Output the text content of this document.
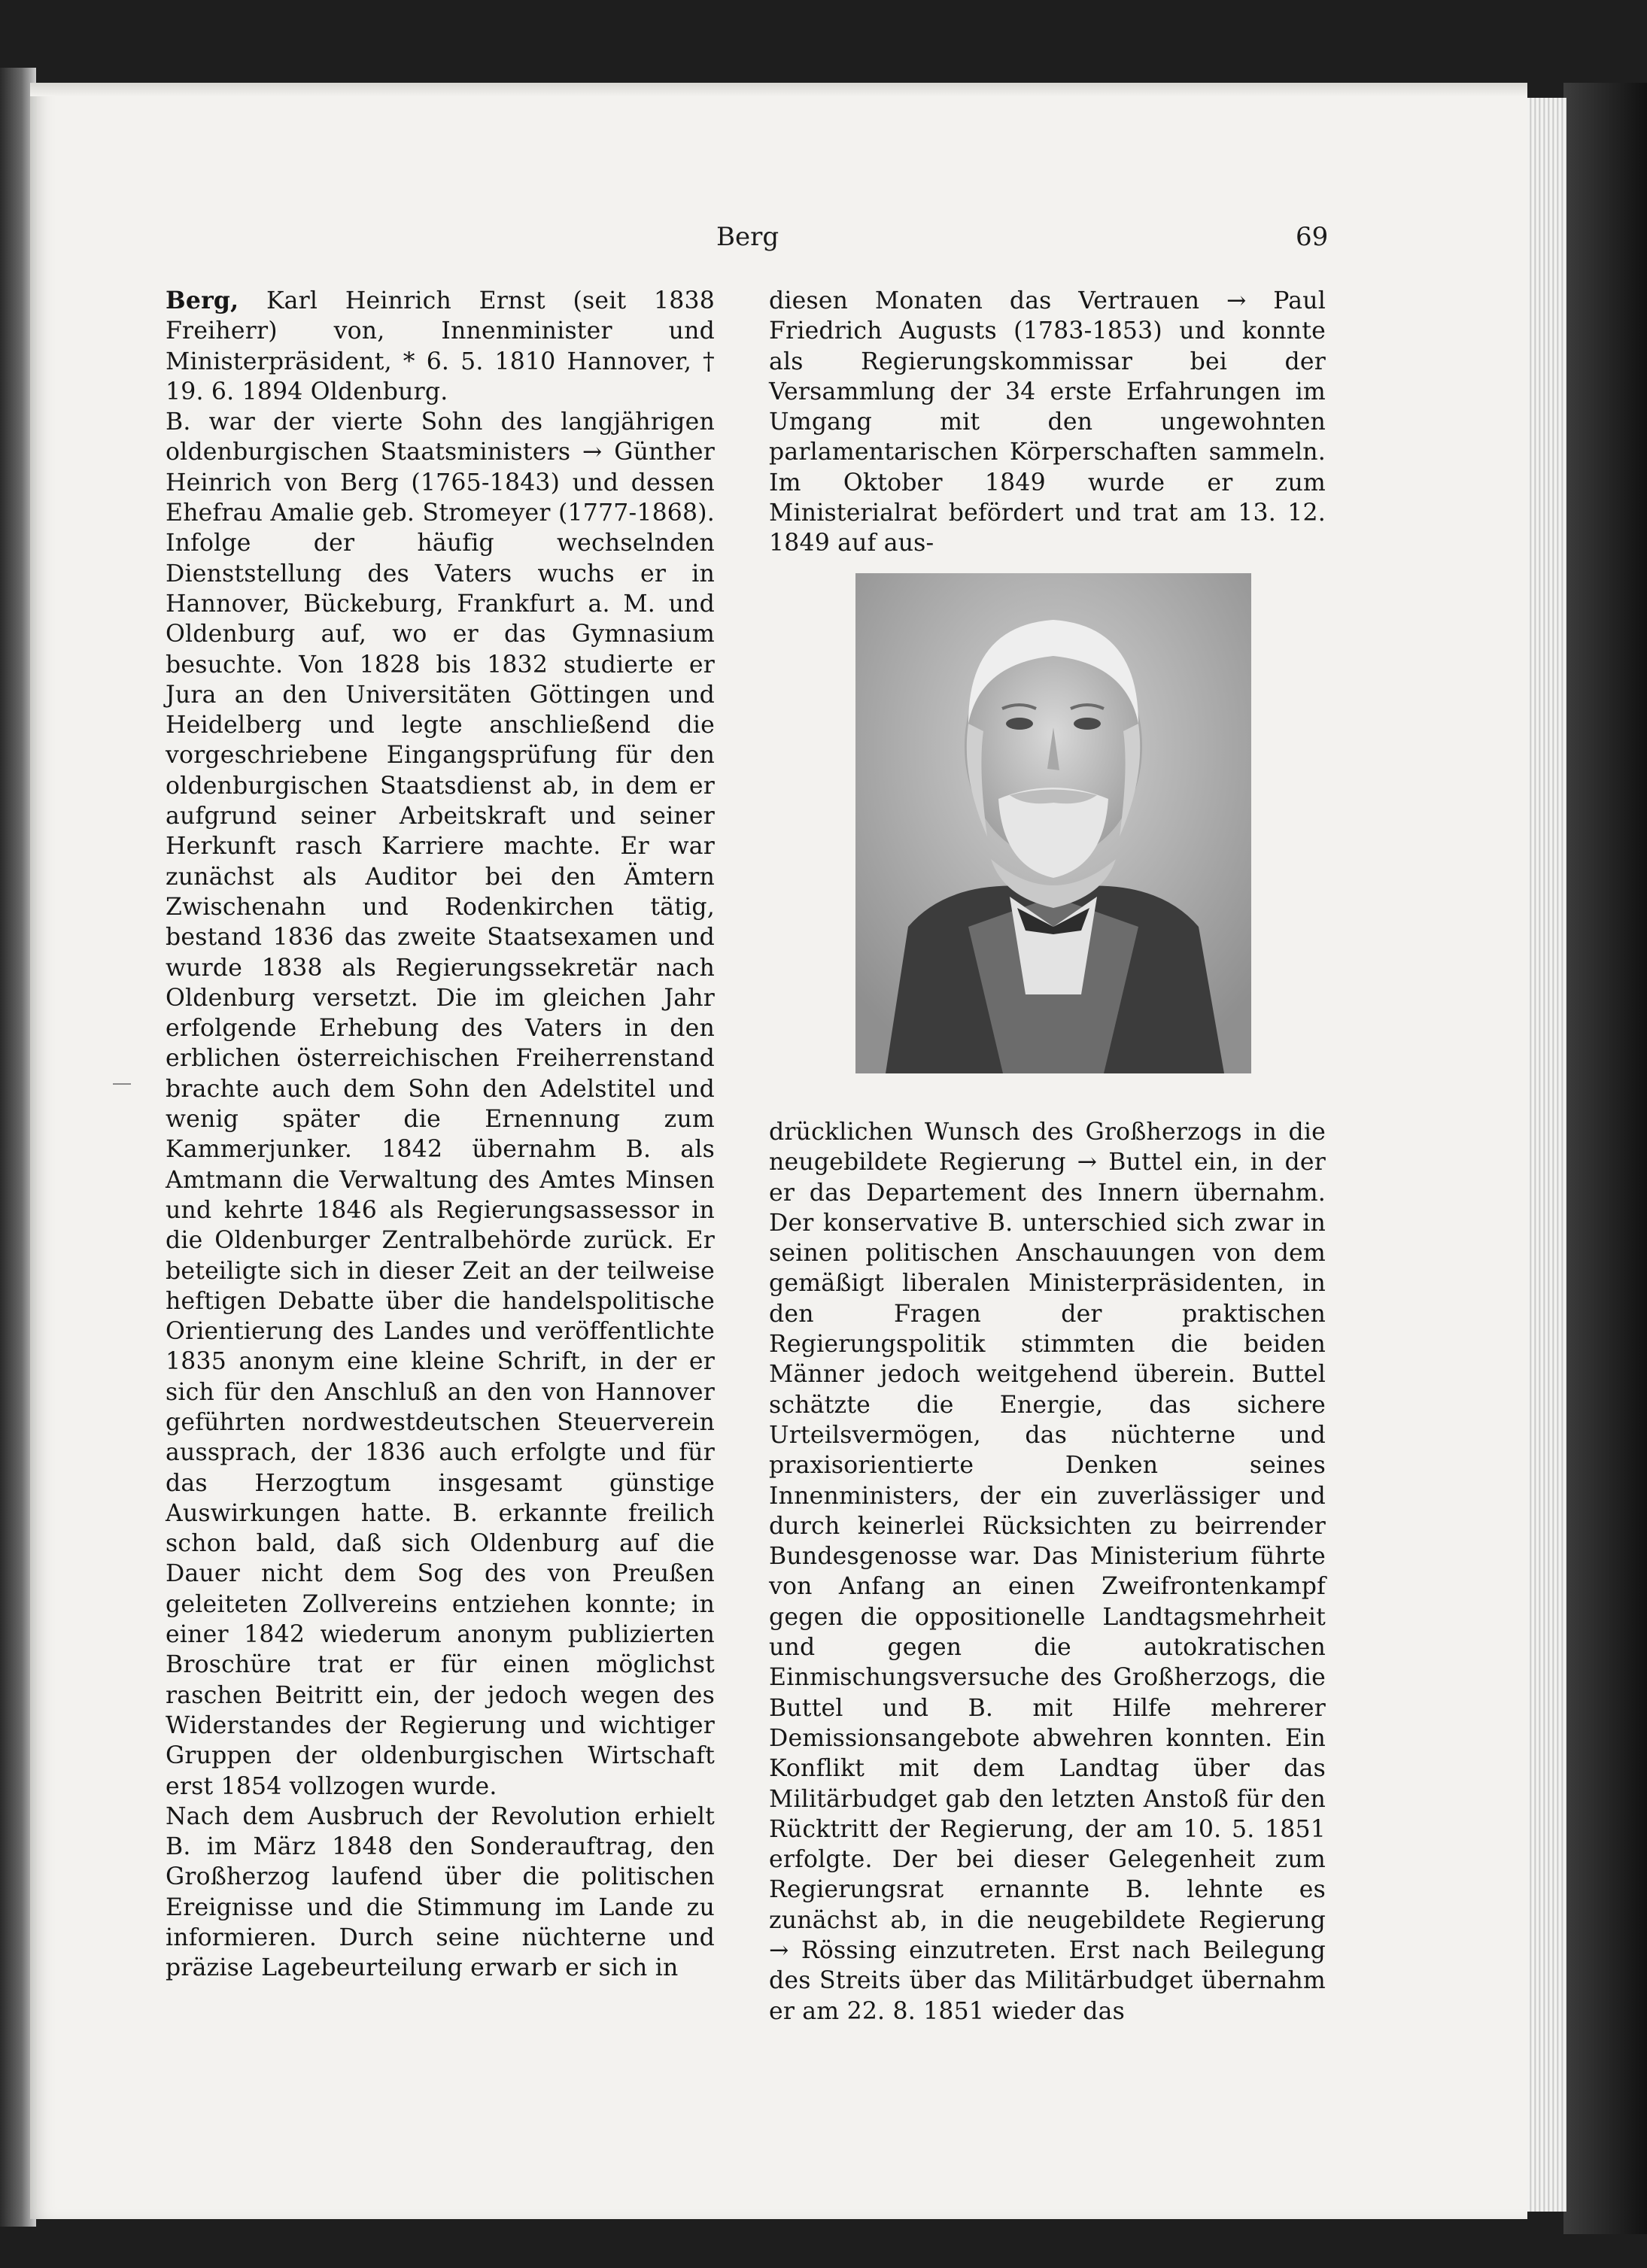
Berg	69

Berg, Karl Heinrich Ernst (seit 1838 Freiherr) von, Innenminister und Ministerpräsident, * 6. 5. 1810 Hannover, † 19. 6. 1894 Oldenburg.

B. war der vierte Sohn des langjährigen oldenburgischen Staatsministers → Günther Heinrich von Berg (1765-1843) und dessen Ehefrau Amalie geb. Stromeyer (1777-1868). Infolge der häufig wechselnden Dienststellung des Vaters wuchs er in Hannover, Bückeburg, Frankfurt a. M. und Oldenburg auf, wo er das Gymnasium besuchte. Von 1828 bis 1832 studierte er Jura an den Universitäten Göttingen und Heidelberg und legte anschließend die vorgeschriebene Eingangsprüfung für den oldenburgischen Staatsdienst ab, in dem er aufgrund seiner Arbeitskraft und seiner Herkunft rasch Karriere machte. Er war zunächst als Auditor bei den Ämtern Zwischenahn und Rodenkirchen tätig, bestand 1836 das zweite Staatsexamen und wurde 1838 als Regierungssekretär nach Oldenburg versetzt. Die im gleichen Jahr erfolgende Erhebung des Vaters in den erblichen österreichischen Freiherrenstand brachte auch dem Sohn den Adelstitel und wenig später die Ernennung zum Kammerjunker. 1842 übernahm B. als Amtmann die Verwaltung des Amtes Minsen und kehrte 1846 als Regierungsassessor in die Oldenburger Zentralbehörde zurück. Er beteiligte sich in dieser Zeit an der teilweise heftigen Debatte über die handelspolitische Orientierung des Landes und veröffentlichte 1835 anonym eine kleine Schrift, in der er sich für den Anschluß an den von Hannover geführten nordwestdeutschen Steuerverein aussprach, der 1836 auch erfolgte und für das Herzogtum insgesamt günstige Auswirkungen hatte. B. erkannte freilich schon bald, daß sich Oldenburg auf die Dauer nicht dem Sog des von Preußen geleiteten Zollvereins entziehen konnte; in einer 1842 wiederum anonym publizierten Broschüre trat er für einen möglichst raschen Beitritt ein, der jedoch wegen des Widerstandes der Regierung und wichtiger Gruppen der oldenburgischen Wirtschaft erst 1854 vollzogen wurde.

Nach dem Ausbruch der Revolution erhielt B. im März 1848 den Sonderauftrag, den Großherzog laufend über die politischen Ereignisse und die Stimmung im Lande zu informieren. Durch seine nüchterne und präzise Lagebeurteilung erwarb er sich in

diesen Monaten das Vertrauen → Paul Friedrich Augusts (1783-1853) und konnte als Regierungskommissar bei der Versammlung der 34 erste Erfahrungen im Umgang mit den ungewohnten parlamentarischen Körperschaften sammeln. Im Oktober 1849 wurde er zum Ministerialrat befördert und trat am 13. 12. 1849 auf aus-

drücklichen Wunsch des Großherzogs in die neugebildete Regierung → Buttel ein, in der er das Departement des Innern übernahm. Der konservative B. unterschied sich zwar in seinen politischen Anschauungen von dem gemäßigt liberalen Ministerpräsidenten, in den Fragen der praktischen Regierungspolitik stimmten die beiden Männer jedoch weitgehend überein. Buttel schätzte die Energie, das sichere Urteilsvermögen, das nüchterne und praxisorientierte Denken seines Innenministers, der ein zuverlässiger und durch keinerlei Rücksichten zu beirrender Bundesgenosse war. Das Ministerium führte von Anfang an einen Zweifrontenkampf gegen die oppositionelle Landtagsmehrheit und gegen die autokratischen Einmischungsversuche des Großherzogs, die Buttel und B. mit Hilfe mehrerer Demissionsangebote abwehren konnten. Ein Konflikt mit dem Landtag über das Militärbudget gab den letzten Anstoß für den Rücktritt der Regierung, der am 10. 5. 1851 erfolgte. Der bei dieser Gelegenheit zum Regierungsrat ernannte B. lehnte es zunächst ab, in die neugebildete Regierung → Rössing einzutreten. Erst nach Beilegung des Streits über das Militärbudget übernahm er am 22. 8. 1851 wieder das
